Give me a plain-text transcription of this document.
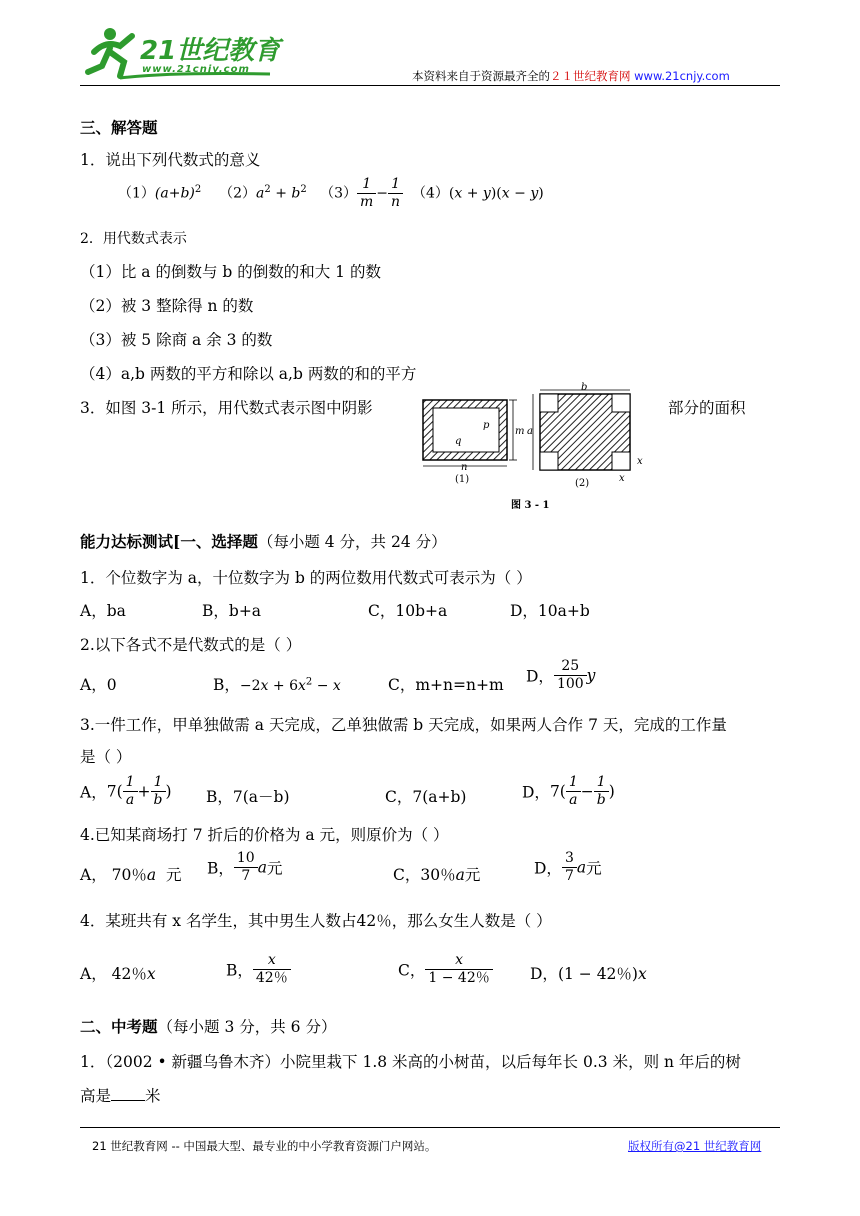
21世纪教育
www.21cnjy.com	本资料来自于资源最齐全的２１世纪教育网 www.21cnjy.com
三、解答题
1．说出下列代数式的意义
$(1)(a+b)^2$ $(2)a^2 + b^2$ $(3) \frac{1}{m} - \frac{1}{n} (4)(x + y)(x - y)$
2．用代数式表示
（1）比 a 的倒数与 b 的倒数的和大 1 的数
（2）被 3 整除得 n 的数
（3）被 5 除商 a 余 3 的数
（4）a,b 两数的平方和除以 a,b 两数的和的平方
3．如图 3-1 所示，用代数式表示图中阴影	部分的面积
m
p
q
n
(1)
b
a
x
x
(2)
图 3 - 1
能力达标测试[一、选择题（每小题 4 分，共 24 分）
1．个位数字为 a，十位数字为 b 的两位数用代数式可表示为（ ）
A，ba	B，b+a	C，10b+a	D，10a+b
2.以下各式不是代数式的是（ ）
A，0	B，$-2x + 6x^2 - x$	C，m+n=n+m D， $\frac{25}{100}$ y
3.一件工作，甲单独做需 a 天完成，乙单独做需 b 天完成，如果两人合作 7 天，完成的工作量
是（ ）
A，$7( \frac{1}{a} + \frac{1}{b}$ ) B，7(a－b)	C，7(a+b)	D，$7( \frac{1}{a} - \frac{1}{b}$ )
4.已知某商场打 7 折后的价格为 a 元，则原价为（ ）
A， 70％a 元 B， $\frac{10}{7}$ a元	C，30％a元	D， $\frac{3}{7}$ a元
4．某班共有 x 名学生，其中男生人数占42％，那么女生人数是（ ）
A， 42％x	B， $\frac{x}{42\%}$	C， $\frac{x}{1 - 42\%}$ D，(1 − 42％)x
二、中考题（每小题 3 分，共 6 分）
1．（2002 • 新疆乌鲁木齐）小院里栽下 1.8 米高的小树苗，以后每年长 0.3 米，则 n 年后的树
高是 米
21 世纪教育网 -- 中国最大型、最专业的中小学教育资源门户网站。	版权所有@21 世纪教育网
